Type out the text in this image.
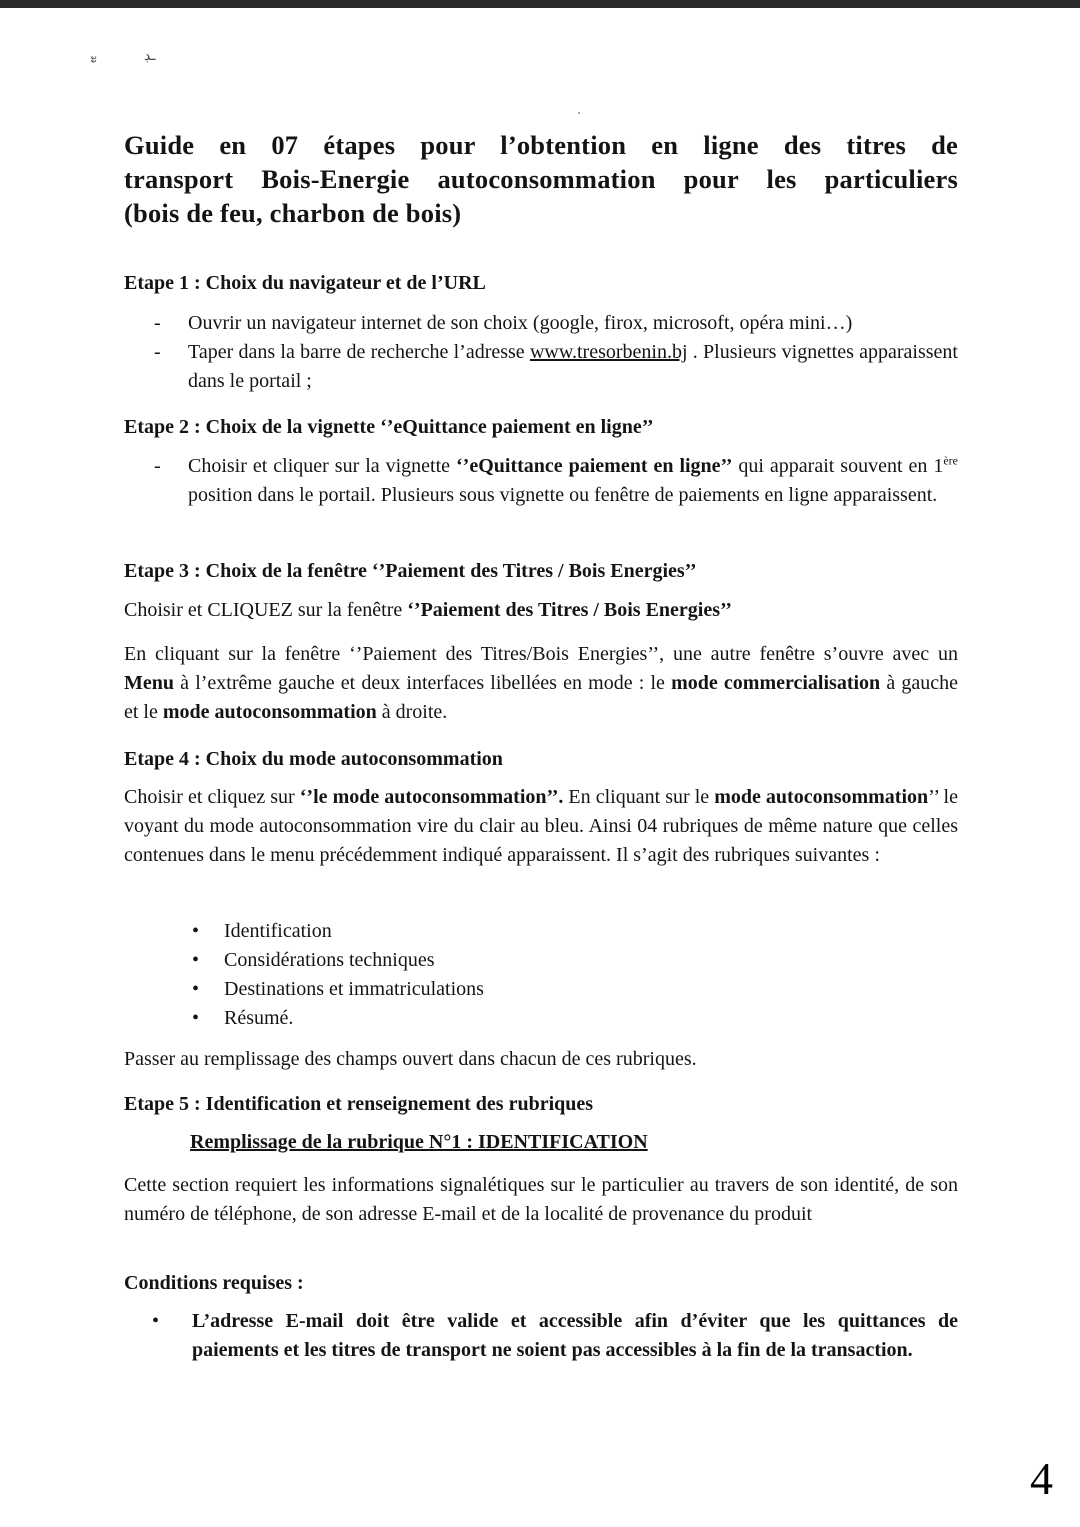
ะ	ـڊ
Guide en 07 étapes pour l’obtention en ligne des titres de
transport Bois-Energie autoconsommation pour les particuliers
(bois de feu, charbon de bois)

Etape 1 : Choix du navigateur et de l’URL

- Ouvrir un navigateur internet de son choix (google, firox, microsoft, opéra mini…)
- Taper dans la barre de recherche l’adresse www.tresorbenin.bj . Plusieurs vignettes apparaissent dans le portail ;

Etape 2 : Choix de la vignette ‘’eQuittance paiement en ligne’’

- Choisir et cliquer sur la vignette ‘’eQuittance paiement en ligne’’ qui apparait souvent en 1ère position dans le portail. Plusieurs sous vignette ou fenêtre de paiements en ligne apparaissent.

Etape 3 : Choix de la fenêtre ‘’Paiement des Titres / Bois Energies’’

Choisir et CLIQUEZ sur la fenêtre ‘’Paiement des Titres / Bois Energies’’

En cliquant sur la fenêtre ‘’Paiement des Titres/Bois Energies’’, une autre fenêtre s’ouvre avec un Menu à l’extrême gauche et deux interfaces libellées en mode : le mode commercialisation à gauche et le mode autoconsommation à droite.

Etape 4 : Choix du mode autoconsommation

Choisir et cliquez sur ‘’le mode autoconsommation’’. En cliquant sur le mode autoconsommation’’ le voyant du mode autoconsommation vire du clair au bleu. Ainsi 04 rubriques de même nature que celles contenues dans le menu précédemment indiqué apparaissent. Il s’agit des rubriques suivantes :

• Identification
• Considérations techniques
• Destinations et immatriculations
• Résumé.

Passer au remplissage des champs ouvert dans chacun de ces rubriques.

Etape 5 : Identification et renseignement des rubriques

Remplissage de la rubrique N°1 : IDENTIFICATION

Cette section requiert les informations signalétiques sur le particulier au travers de son identité, de son numéro de téléphone, de son adresse E-mail et de la localité de provenance du produit

Conditions requises :

• L’adresse E-mail doit être valide et accessible afin d’éviter que les quittances de paiements et les titres de transport ne soient pas accessibles à la fin de la transaction.
4
